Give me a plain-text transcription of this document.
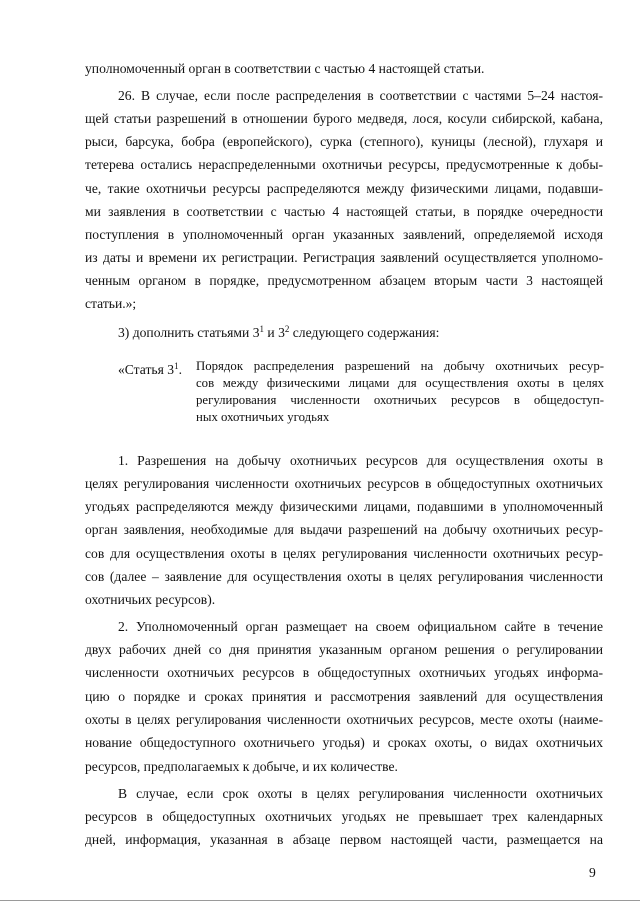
уполномоченный орган в соответствии с частью 4 настоящей статьи.
26. В случае, если после распределения в соответствии с частями 5–24 настоя-
щей статьи разрешений в отношении бурого медведя, лося, косули сибирской, кабана,
рыси, барсука, бобра (европейского), сурка (степного), куницы (лесной), глухаря и
тетерева остались нераспределенными охотничьи ресурсы, предусмотренные к добы-
че, такие охотничьи ресурсы распределяются между физическими лицами, подавши-
ми заявления в соответствии с частью 4 настоящей статьи, в порядке очередности
поступления в уполномоченный орган указанных заявлений, определяемой исходя
из даты и времени их регистрации. Регистрация заявлений осуществляется уполномо-
ченным органом в порядке, предусмотренном абзацем вторым части 3 настоящей
статьи.»;
3) дополнить статьями $3^1$ и $3^2$ следующего содержания:
«Статья $3^1$. Порядок распределения разрешений на добычу охотничьих ресур-
сов между физическими лицами для осуществления охоты в целях
регулирования численности охотничьих ресурсов в общедоступ-
ных охотничьих угодьях
1. Разрешения на добычу охотничьих ресурсов для осуществления охоты в
целях регулирования численности охотничьих ресурсов в общедоступных охотничьих
угодьях распределяются между физическими лицами, подавшими в уполномоченный
орган заявления, необходимые для выдачи разрешений на добычу охотничьих ресур-
сов для осуществления охоты в целях регулирования численности охотничьих ресур-
сов (далее – заявление для осуществления охоты в целях регулирования численности
охотничьих ресурсов).
2. Уполномоченный орган размещает на своем официальном сайте в течение
двух рабочих дней со дня принятия указанным органом решения о регулировании
численности охотничьих ресурсов в общедоступных охотничьих угодьях информа-
цию о порядке и сроках принятия и рассмотрения заявлений для осуществления
охоты в целях регулирования численности охотничьих ресурсов, месте охоты (наиме-
нование общедоступного охотничьего угодья) и сроках охоты, о видах охотничьих
ресурсов, предполагаемых к добыче, и их количестве.
В случае, если срок охоты в целях регулирования численности охотничьих
ресурсов в общедоступных охотничьих угодьях не превышает трех календарных
дней, информация, указанная в абзаце первом настоящей части, размещается на
9
